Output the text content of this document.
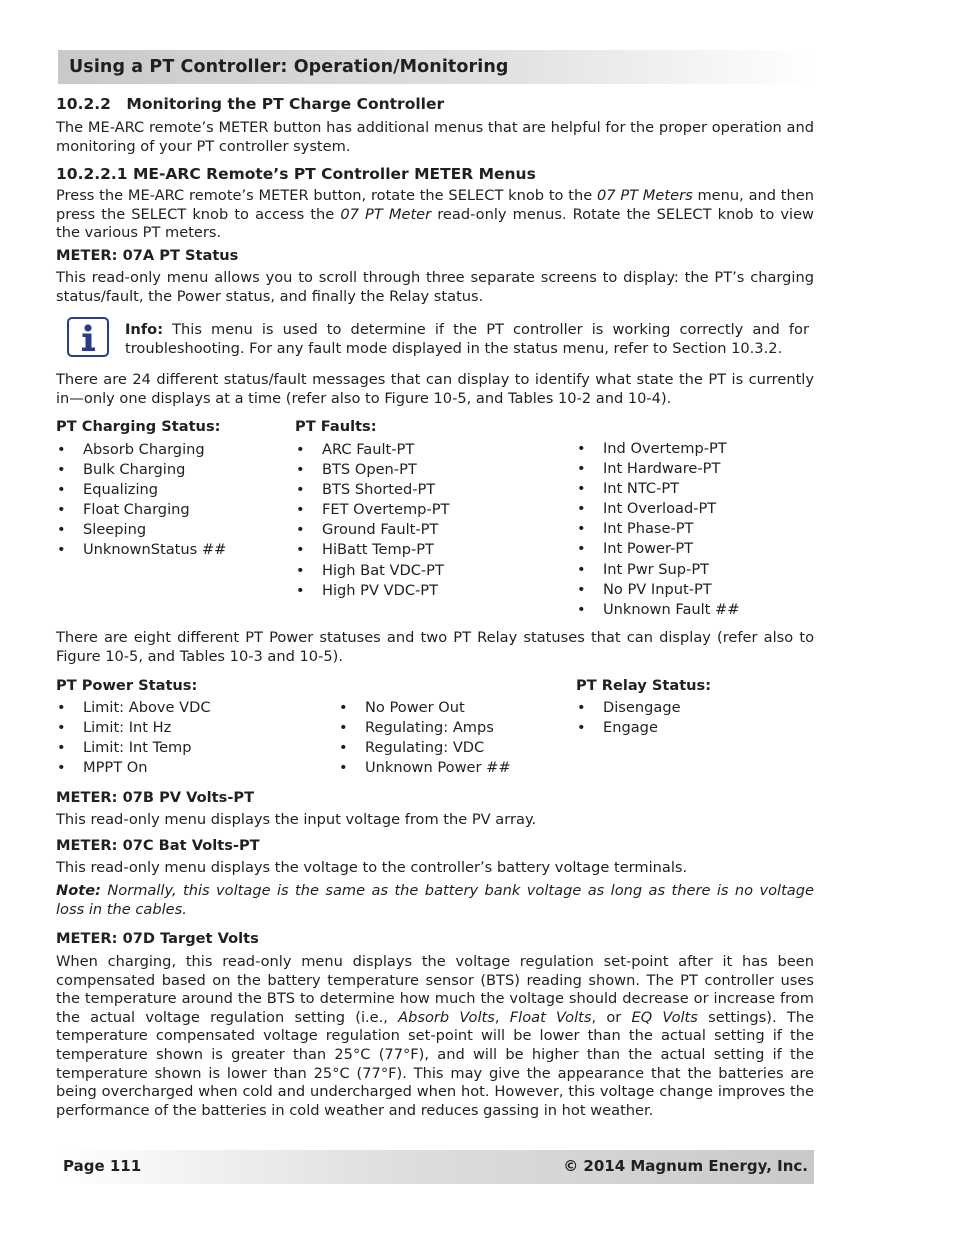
Using a PT Controller: Operation/Monitoring
10.2.2 Monitoring the PT Charge Controller
The ME-ARC remote’s METER button has additional menus that are helpful for the proper operation and monitoring of your PT controller system.
10.2.2.1 ME-ARC Remote’s PT Controller METER Menus
Press the ME-ARC remote’s METER button, rotate the SELECT knob to the 07 PT Meters menu, and then press the SELECT knob to access the 07 PT Meter read-only menus. Rotate the SELECT knob to view the various PT meters.
METER: 07A PT Status
This read-only menu allows you to scroll through three separate screens to display: the PT’s charging status/fault, the Power status, and finally the Relay status.
Info: This menu is used to determine if the PT controller is working correctly and for troubleshooting. For any fault mode displayed in the status menu, refer to Section 10.3.2.
There are 24 different status/fault messages that can display to identify what state the PT is currently in—only one displays at a time (refer also to Figure 10-5, and Tables 10-2 and 10-4).
PT Charging Status:
• Absorb Charging
• Bulk Charging
• Equalizing
• Float Charging
• Sleeping
• UnknownStatus ##
PT Faults:
• ARC Fault-PT
• BTS Open-PT
• BTS Shorted-PT
• FET Overtemp-PT
• Ground Fault-PT
• HiBatt Temp-PT
• High Bat VDC-PT
• High PV VDC-PT
• Ind Overtemp-PT
• Int Hardware-PT
• Int NTC-PT
• Int Overload-PT
• Int Phase-PT
• Int Power-PT
• Int Pwr Sup-PT
• No PV Input-PT
• Unknown Fault ##
There are eight different PT Power statuses and two PT Relay statuses that can display (refer also to Figure 10-5, and Tables 10-3 and 10-5).
PT Power Status:
• Limit: Above VDC
• Limit: Int Hz
• Limit: Int Temp
• MPPT On
• No Power Out
• Regulating: Amps
• Regulating: VDC
• Unknown Power ##
PT Relay Status:
• Disengage
• Engage
METER: 07B PV Volts-PT
This read-only menu displays the input voltage from the PV array.
METER: 07C Bat Volts-PT
This read-only menu displays the voltage to the controller’s battery voltage terminals.
Note: Normally, this voltage is the same as the battery bank voltage as long as there is no voltage loss in the cables.
METER: 07D Target Volts
When charging, this read-only menu displays the voltage regulation set-point after it has been compensated based on the battery temperature sensor (BTS) reading shown. The PT controller uses the temperature around the BTS to determine how much the voltage should decrease or increase from the actual voltage regulation setting (i.e., Absorb Volts, Float Volts, or EQ Volts settings). The temperature compensated voltage regulation set-point will be lower than the actual setting if the temperature shown is greater than 25°C (77°F), and will be higher than the actual setting if the temperature shown is lower than 25°C (77°F). This may give the appearance that the batteries are being overcharged when cold and undercharged when hot. However, this voltage change improves the performance of the batteries in cold weather and reduces gassing in hot weather.
Page 111	© 2014 Magnum Energy, Inc.
